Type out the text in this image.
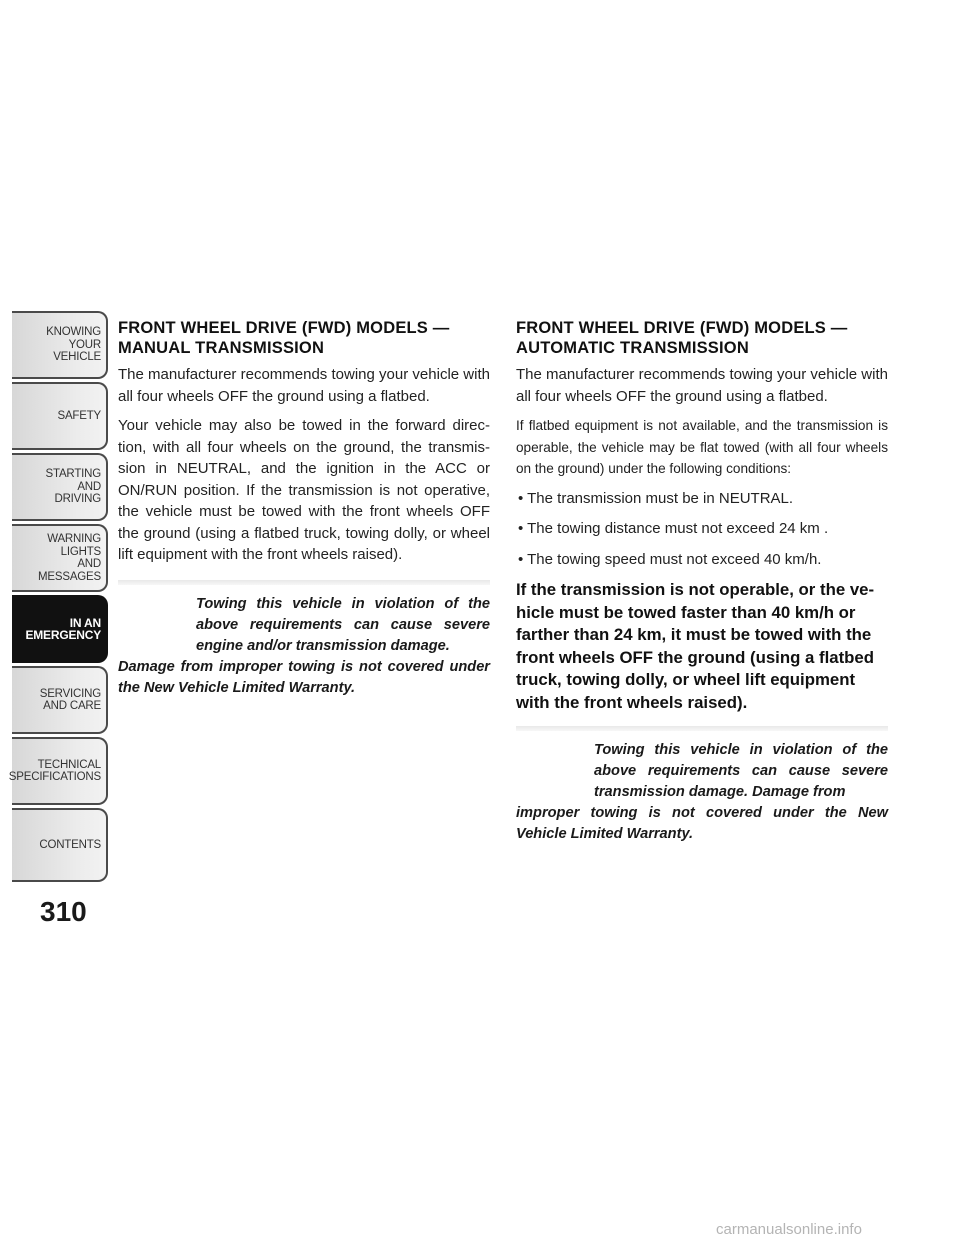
KNOWING
YOUR
VEHICLE
SAFETY
STARTING
AND
DRIVING
WARNING
LIGHTS
AND
MESSAGES
IN AN
EMERGENCY
SERVICING
AND CARE
TECHNICAL
SPECIFICATIONS
CONTENTS
310
FRONT WHEEL DRIVE (FWD) MODELS —
MANUAL TRANSMISSION

The manufacturer recommends towing your vehicle with all four wheels OFF the ground using a flatbed.

Your vehicle may also be towed in the forward direc-tion, with all four wheels on the ground, the transmis-sion in NEUTRAL, and the ignition in the ACC or ON/RUN position. If the transmission is not operative, the vehicle must be towed with the front wheels OFF the ground (using a flatbed truck, towing dolly, or wheel lift equipment with the front wheels raised).

Towing this vehicle in violation of the above requirements can cause severe engine and/or transmission damage.
Damage from improper towing is not covered under the New Vehicle Limited Warranty.
FRONT WHEEL DRIVE (FWD) MODELS —
AUTOMATIC TRANSMISSION

The manufacturer recommends towing your vehicle with all four wheels OFF the ground using a flatbed.

If flatbed equipment is not available, and the transmission is operable, the vehicle may be flat towed (with all four wheels on the ground) under the following conditions:

• The transmission must be in NEUTRAL.
• The towing distance must not exceed 24 km .
• The towing speed must not exceed 40 km/h.

If the transmission is not operable, or the ve-hicle must be towed faster than 40 km/h or farther than 24 km, it must be towed with the front wheels OFF the ground (using a flatbed truck, towing dolly, or wheel lift equipment with the front wheels raised).

Towing this vehicle in violation of the above requirements can cause severe transmission damage. Damage from
improper towing is not covered under the New Vehicle Limited Warranty.
carmanualsonline.info
